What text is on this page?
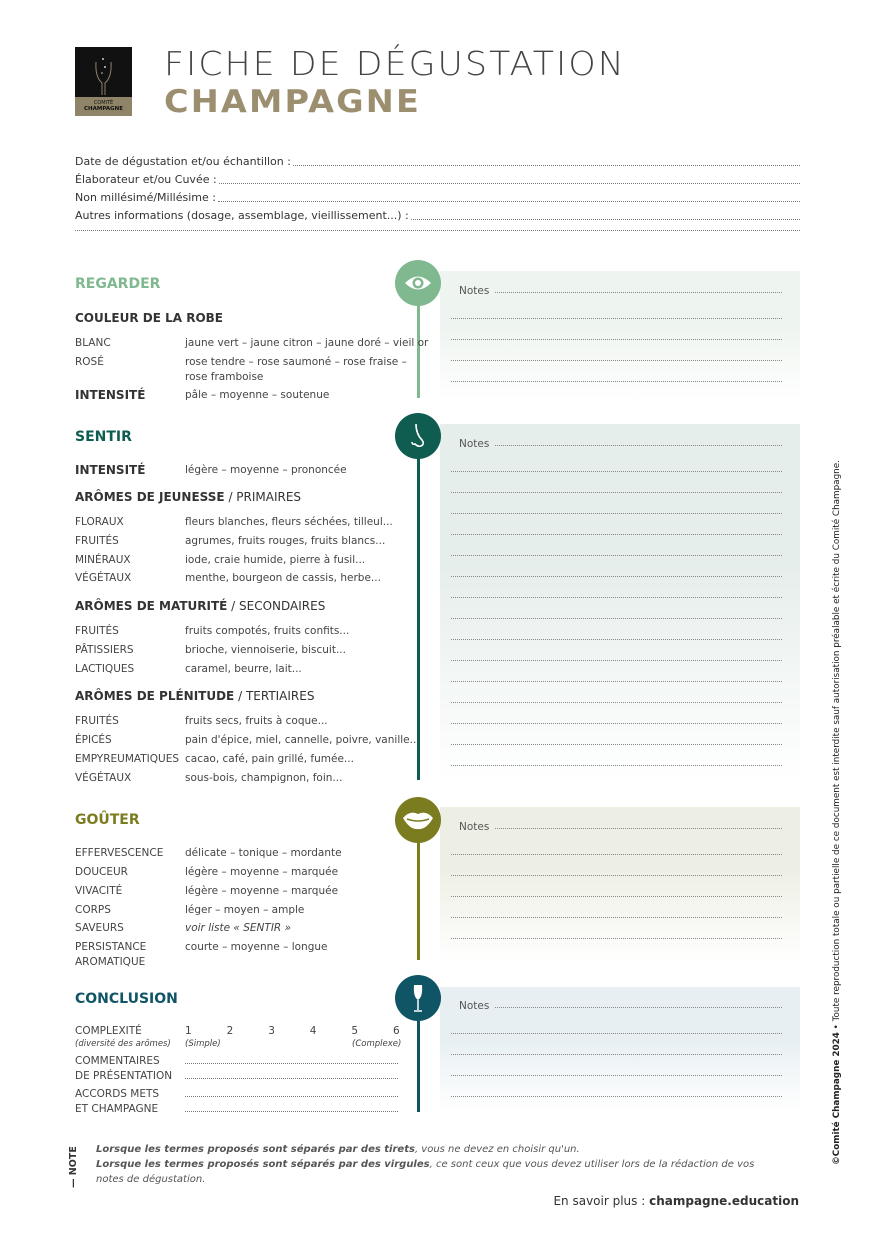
COMITÉ
CHAMPAGNE
FICHE DE DÉGUSTATION
CHAMPAGNE
Date de dégustation et/ou échantillon :
Élaborateur et/ou Cuvée :
Non millésimé/Millésime :
Autres informations (dosage, assemblage, vieillissement...) :
Notes
REGARDER
COULEUR DE LA ROBE
BLANC	jaune vert – jaune citron – jaune doré – vieil or
ROSÉ	rose tendre – rose saumoné – rose fraise –
rose framboise
INTENSITÉ	pâle – moyenne – soutenue
Notes
SENTIR
INTENSITÉ	légère – moyenne – prononcée
ARÔMES DE JEUNESSE / PRIMAIRES
FLORAUX	fleurs blanches, fleurs séchées, tilleul...
FRUITÉS	agrumes, fruits rouges, fruits blancs...
MINÉRAUX	iode, craie humide, pierre à fusil...
VÉGÉTAUX	menthe, bourgeon de cassis, herbe...
ARÔMES DE MATURITÉ / SECONDAIRES
FRUITÉS	fruits compotés, fruits confits...
PÂTISSIERS	brioche, viennoiserie, biscuit...
LACTIQUES	caramel, beurre, lait...
ARÔMES DE PLÉNITUDE / TERTIAIRES
FRUITÉS	fruits secs, fruits à coque...
ÉPICÉS	pain d'épice, miel, cannelle, poivre, vanille...
EMPYREUMATIQUES cacao, café, pain grillé, fumée...
VÉGÉTAUX	sous-bois, champignon, foin...
Notes
GOÛTER
EFFERVESCENCE délicate – tonique – mordante
DOUCEUR	légère – moyenne – marquée
VIVACITÉ	légère – moyenne – marquée
CORPS	léger – moyen – ample
SAVEURS	voir liste « SENTIR »
PERSISTANCE
AROMATIQUE
courte – moyenne – longue
Notes
CONCLUSION
COMPLEXITÉ
(diversité des arômes)
1	2	3	4	5	6
(Simple)	(Complexe)
COMMENTAIRES
DE PRÉSENTATION
ACCORDS METS
ET CHAMPAGNE
— NOTE Lorsque les termes proposés sont séparés par des tirets, vous ne devez en choisir qu'un.
Lorsque les termes proposés sont séparés par des virgules, ce sont ceux que vous devez utiliser lors de la rédaction de vos notes de dégustation.
En savoir plus : champagne.education
©Comité Champagne 2024 • Toute reproduction totale ou partielle de ce document est interdite sauf autorisation préalable et écrite du Comité Champagne.
